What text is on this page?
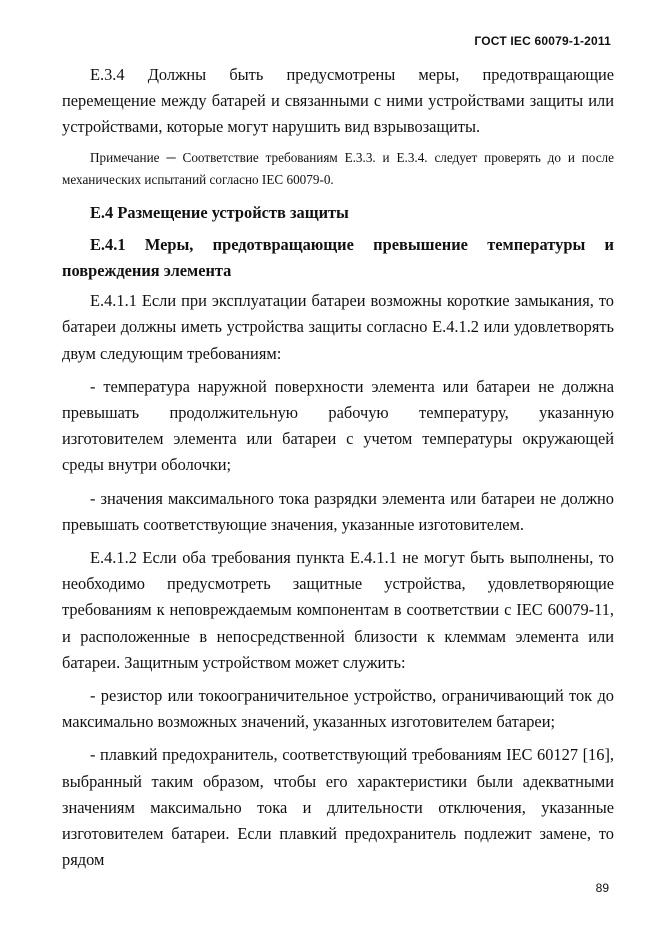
ГОСТ IEC 60079-1-2011

Е.3.4 Должны быть предусмотрены меры, предотвращающие перемещение между батарей и связанными с ними устройствами защиты или устройствами, которые могут нарушить вид взрывозащиты.

Примечание ─ Соответствие требованиям Е.3.3. и Е.3.4. следует проверять до и после механических испытаний согласно IEC 60079-0.

Е.4 Размещение устройств защиты

Е.4.1 Меры, предотвращающие превышение температуры и повреждения элемента

Е.4.1.1 Если при эксплуатации батареи возможны короткие замыкания, то батареи должны иметь устройства защиты согласно Е.4.1.2 или удовлетворять двум следующим требованиям:

- температура наружной поверхности элемента или батареи не должна превышать продолжительную рабочую температуру, указанную изготовителем элемента или батареи с учетом температуры окружающей среды внутри оболочки;

- значения максимального тока разрядки элемента или батареи не должно превышать соответствующие значения, указанные изготовителем.

Е.4.1.2 Если оба требования пункта Е.4.1.1 не могут быть выполнены, то необходимо предусмотреть защитные устройства, удовлетворяющие требованиям к неповреждаемым компонентам в соответствии с IEC 60079-11, и расположенные в непосредственной близости к клеммам элемента или батареи. Защитным устройством может служить:

- резистор или токоограничительное устройство, ограничивающий ток до максимально возможных значений, указанных изготовителем батареи;

- плавкий предохранитель, соответствующий требованиям IEC 60127 [16], выбранный таким образом, чтобы его характеристики были адекватными значениям максимально тока и длительности отключения, указанные изготовителем батареи. Если плавкий предохранитель подлежит замене, то рядом

89
